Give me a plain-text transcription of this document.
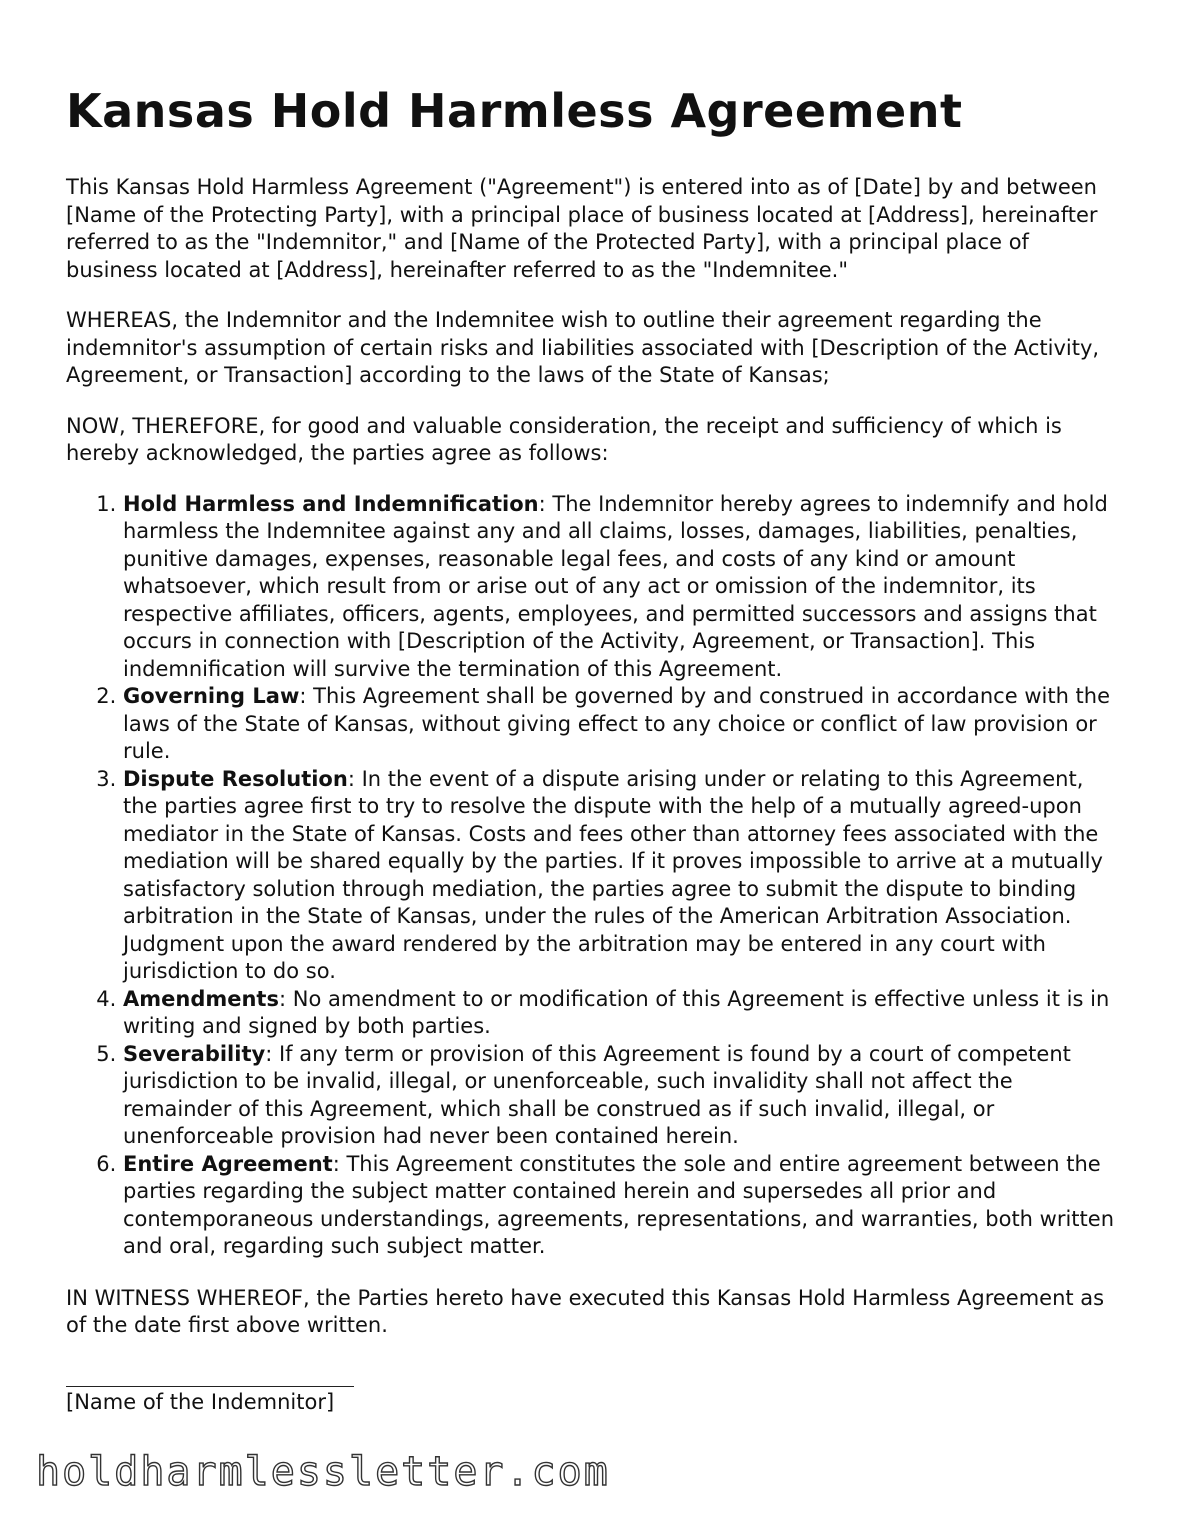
Kansas Hold Harmless Agreement

This Kansas Hold Harmless Agreement ("Agreement") is entered into as of [Date] by and between [Name of the Protecting Party], with a principal place of business located at [Address], hereinafter referred to as the "Indemnitor," and [Name of the Protected Party], with a principal place of business located at [Address], hereinafter referred to as the "Indemnitee."

WHEREAS, the Indemnitor and the Indemnitee wish to outline their agreement regarding the indemnitor's assumption of certain risks and liabilities associated with [Description of the Activity, Agreement, or Transaction] according to the laws of the State of Kansas;

NOW, THEREFORE, for good and valuable consideration, the receipt and sufficiency of which is hereby acknowledged, the parties agree as follows:

1. Hold Harmless and Indemnification: The Indemnitor hereby agrees to indemnify and hold harmless the Indemnitee against any and all claims, losses, damages, liabilities, penalties, punitive damages, expenses, reasonable legal fees, and costs of any kind or amount whatsoever, which result from or arise out of any act or omission of the indemnitor, its respective affiliates, officers, agents, employees, and permitted successors and assigns that occurs in connection with [Description of the Activity, Agreement, or Transaction]. This indemnification will survive the termination of this Agreement.
2. Governing Law: This Agreement shall be governed by and construed in accordance with the laws of the State of Kansas, without giving effect to any choice or conflict of law provision or rule.
3. Dispute Resolution: In the event of a dispute arising under or relating to this Agreement, the parties agree first to try to resolve the dispute with the help of a mutually agreed-upon mediator in the State of Kansas. Costs and fees other than attorney fees associated with the mediation will be shared equally by the parties. If it proves impossible to arrive at a mutually satisfactory solution through mediation, the parties agree to submit the dispute to binding arbitration in the State of Kansas, under the rules of the American Arbitration Association. Judgment upon the award rendered by the arbitration may be entered in any court with jurisdiction to do so.
4. Amendments: No amendment to or modification of this Agreement is effective unless it is in writing and signed by both parties.
5. Severability: If any term or provision of this Agreement is found by a court of competent jurisdiction to be invalid, illegal, or unenforceable, such invalidity shall not affect the remainder of this Agreement, which shall be construed as if such invalid, illegal, or unenforceable provision had never been contained herein.
6. Entire Agreement: This Agreement constitutes the sole and entire agreement between the parties regarding the subject matter contained herein and supersedes all prior and contemporaneous understandings, agreements, representations, and warranties, both written and oral, regarding such subject matter.

IN WITNESS WHEREOF, the Parties hereto have executed this Kansas Hold Harmless Agreement as of the date first above written.

[Name of the Indemnitor]
holdharmlessletter.com
